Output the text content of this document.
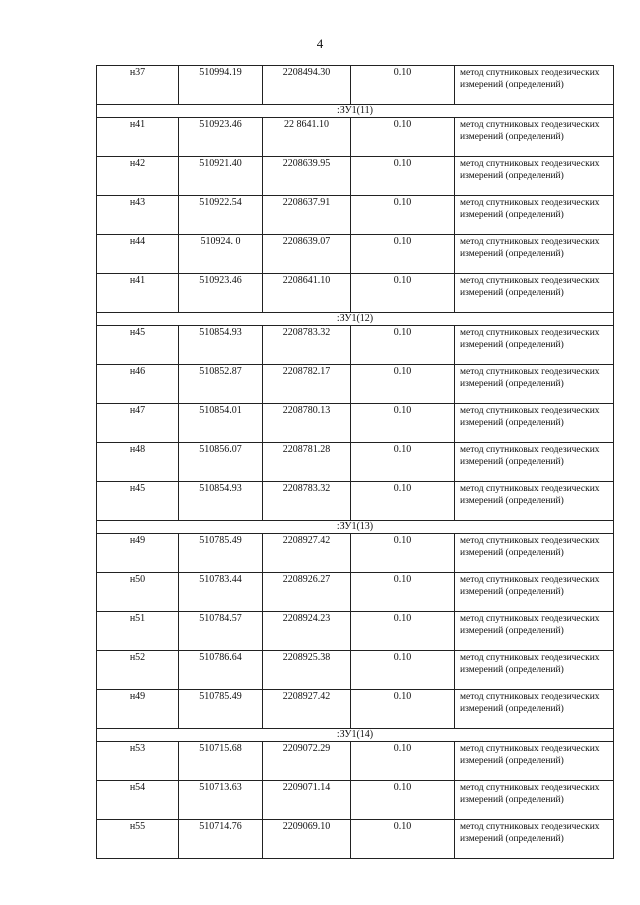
4
н37	510994.19	2208494.30	0.10	метод спутниковых геодезических измерений (определений)
:ЗУ1(11)				
н41	510923.46	22 8641.10	0.10	метод спутниковых геодезических измерений (определений)
н42	510921.40	2208639.95	0.10	метод спутниковых геодезических измерений (определений)
н43	510922.54	2208637.91	0.10	метод спутниковых геодезических измерений (определений)
н44	510924. 0	2208639.07	0.10	метод спутниковых геодезических измерений (определений)
н41	510923.46	2208641.10	0.10	метод спутниковых геодезических измерений (определений)
:ЗУ1(12)				
н45	510854.93	2208783.32	0.10	метод спутниковых геодезических измерений (определений)
н46	510852.87	2208782.17	0.10	метод спутниковых геодезических измерений (определений)
н47	510854.01	2208780.13	0.10	метод спутниковых геодезических измерений (определений)
н48	510856.07	2208781.28	0.10	метод спутниковых геодезических измерений (определений)
н45	510854.93	2208783.32	0.10	метод спутниковых геодезических измерений (определений)
:ЗУ1(13)				
н49	510785.49	2208927.42	0.10	метод спутниковых геодезических измерений (определений)
н50	510783.44	2208926.27	0.10	метод спутниковых геодезических измерений (определений)
н51	510784.57	2208924.23	0.10	метод спутниковых геодезических измерений (определений)
н52	510786.64	2208925.38	0.10	метод спутниковых геодезических измерений (определений)
н49	510785.49	2208927.42	0.10	метод спутниковых геодезических измерений (определений)
:ЗУ1(14)				
н53	510715.68	2209072.29	0.10	метод спутниковых геодезических измерений (определений)
н54	510713.63	2209071.14	0.10	метод спутниковых геодезических измерений (определений)
н55	510714.76	2209069.10	0.10	метод спутниковых геодезических измерений (определений)
